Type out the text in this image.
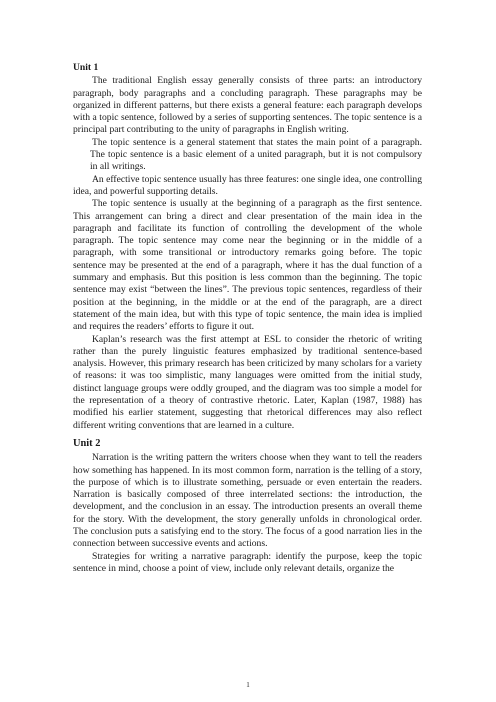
Unit 1

The traditional English essay generally consists of three parts: an introductory paragraph, body paragraphs and a concluding paragraph. These paragraphs may be organized in different patterns, but there exists a general feature: each paragraph develops with a topic sentence, followed by a series of supporting sentences. The topic sentence is a principal part contributing to the unity of paragraphs in English writing.

The topic sentence is a general statement that states the main point of a paragraph. The topic sentence is a basic element of a united paragraph, but it is not compulsory in all writings.

An effective topic sentence usually has three features: one single idea, one controlling idea, and powerful supporting details.

The topic sentence is usually at the beginning of a paragraph as the first sentence. This arrangement can bring a direct and clear presentation of the main idea in the paragraph and facilitate its function of controlling the development of the whole paragraph. The topic sentence may come near the beginning or in the middle of a paragraph, with some transitional or introductory remarks going before. The topic sentence may be presented at the end of a paragraph, where it has the dual function of a summary and emphasis. But this position is less common than the beginning. The topic sentence may exist “between the lines”. The previous topic sentences, regardless of their position at the beginning, in the middle or at the end of the paragraph, are a direct statement of the main idea, but with this type of topic sentence, the main idea is implied and requires the readers’ efforts to figure it out.

Kaplan’s research was the first attempt at ESL to consider the rhetoric of writing rather than the purely linguistic features emphasized by traditional sentence-based analysis. However, this primary research has been criticized by many scholars for a variety of reasons: it was too simplistic, many languages were omitted from the initial study, distinct language groups were oddly grouped, and the diagram was too simple a model for the representation of a theory of contrastive rhetoric. Later, Kaplan (1987, 1988) has modified his earlier statement, suggesting that rhetorical differences may also reflect different writing conventions that are learned in a culture.

Unit 2

Narration is the writing pattern the writers choose when they want to tell the readers how something has happened. In its most common form, narration is the telling of a story, the purpose of which is to illustrate something, persuade or even entertain the readers. Narration is basically composed of three interrelated sections: the introduction, the development, and the conclusion in an essay. The introduction presents an overall theme for the story. With the development, the story generally unfolds in chronological order. The conclusion puts a satisfying end to the story. The focus of a good narration lies in the connection between successive events and actions.

Strategies for writing a narrative paragraph: identify the purpose, keep the topic sentence in mind, choose a point of view, include only relevant details, organize the

1
